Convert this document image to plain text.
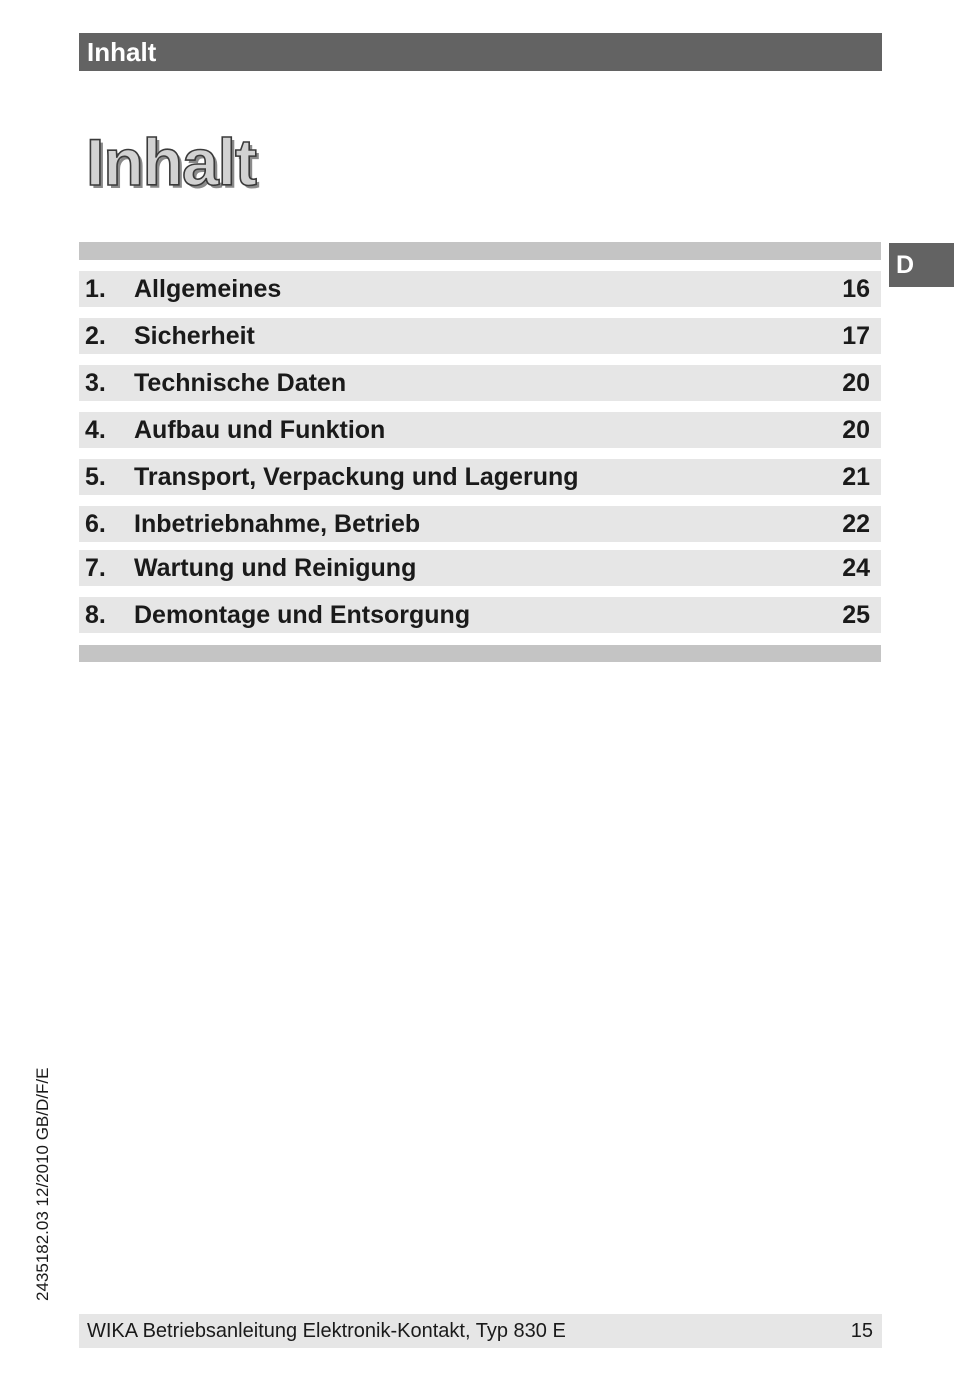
Inhalt
Inhalt
D
1. Allgemeines	16
2. Sicherheit	17
3. Technische Daten	20
4. Aufbau und Funktion	20
5. Transport, Verpackung und Lagerung	21
6. Inbetriebnahme, Betrieb	22
7. Wartung und Reinigung	24
8. Demontage und Entsorgung	25
2435182.03 12/2010 GB/D/F/E
WIKA Betriebsanleitung Elektronik-Kontakt, Typ 830 E	15
